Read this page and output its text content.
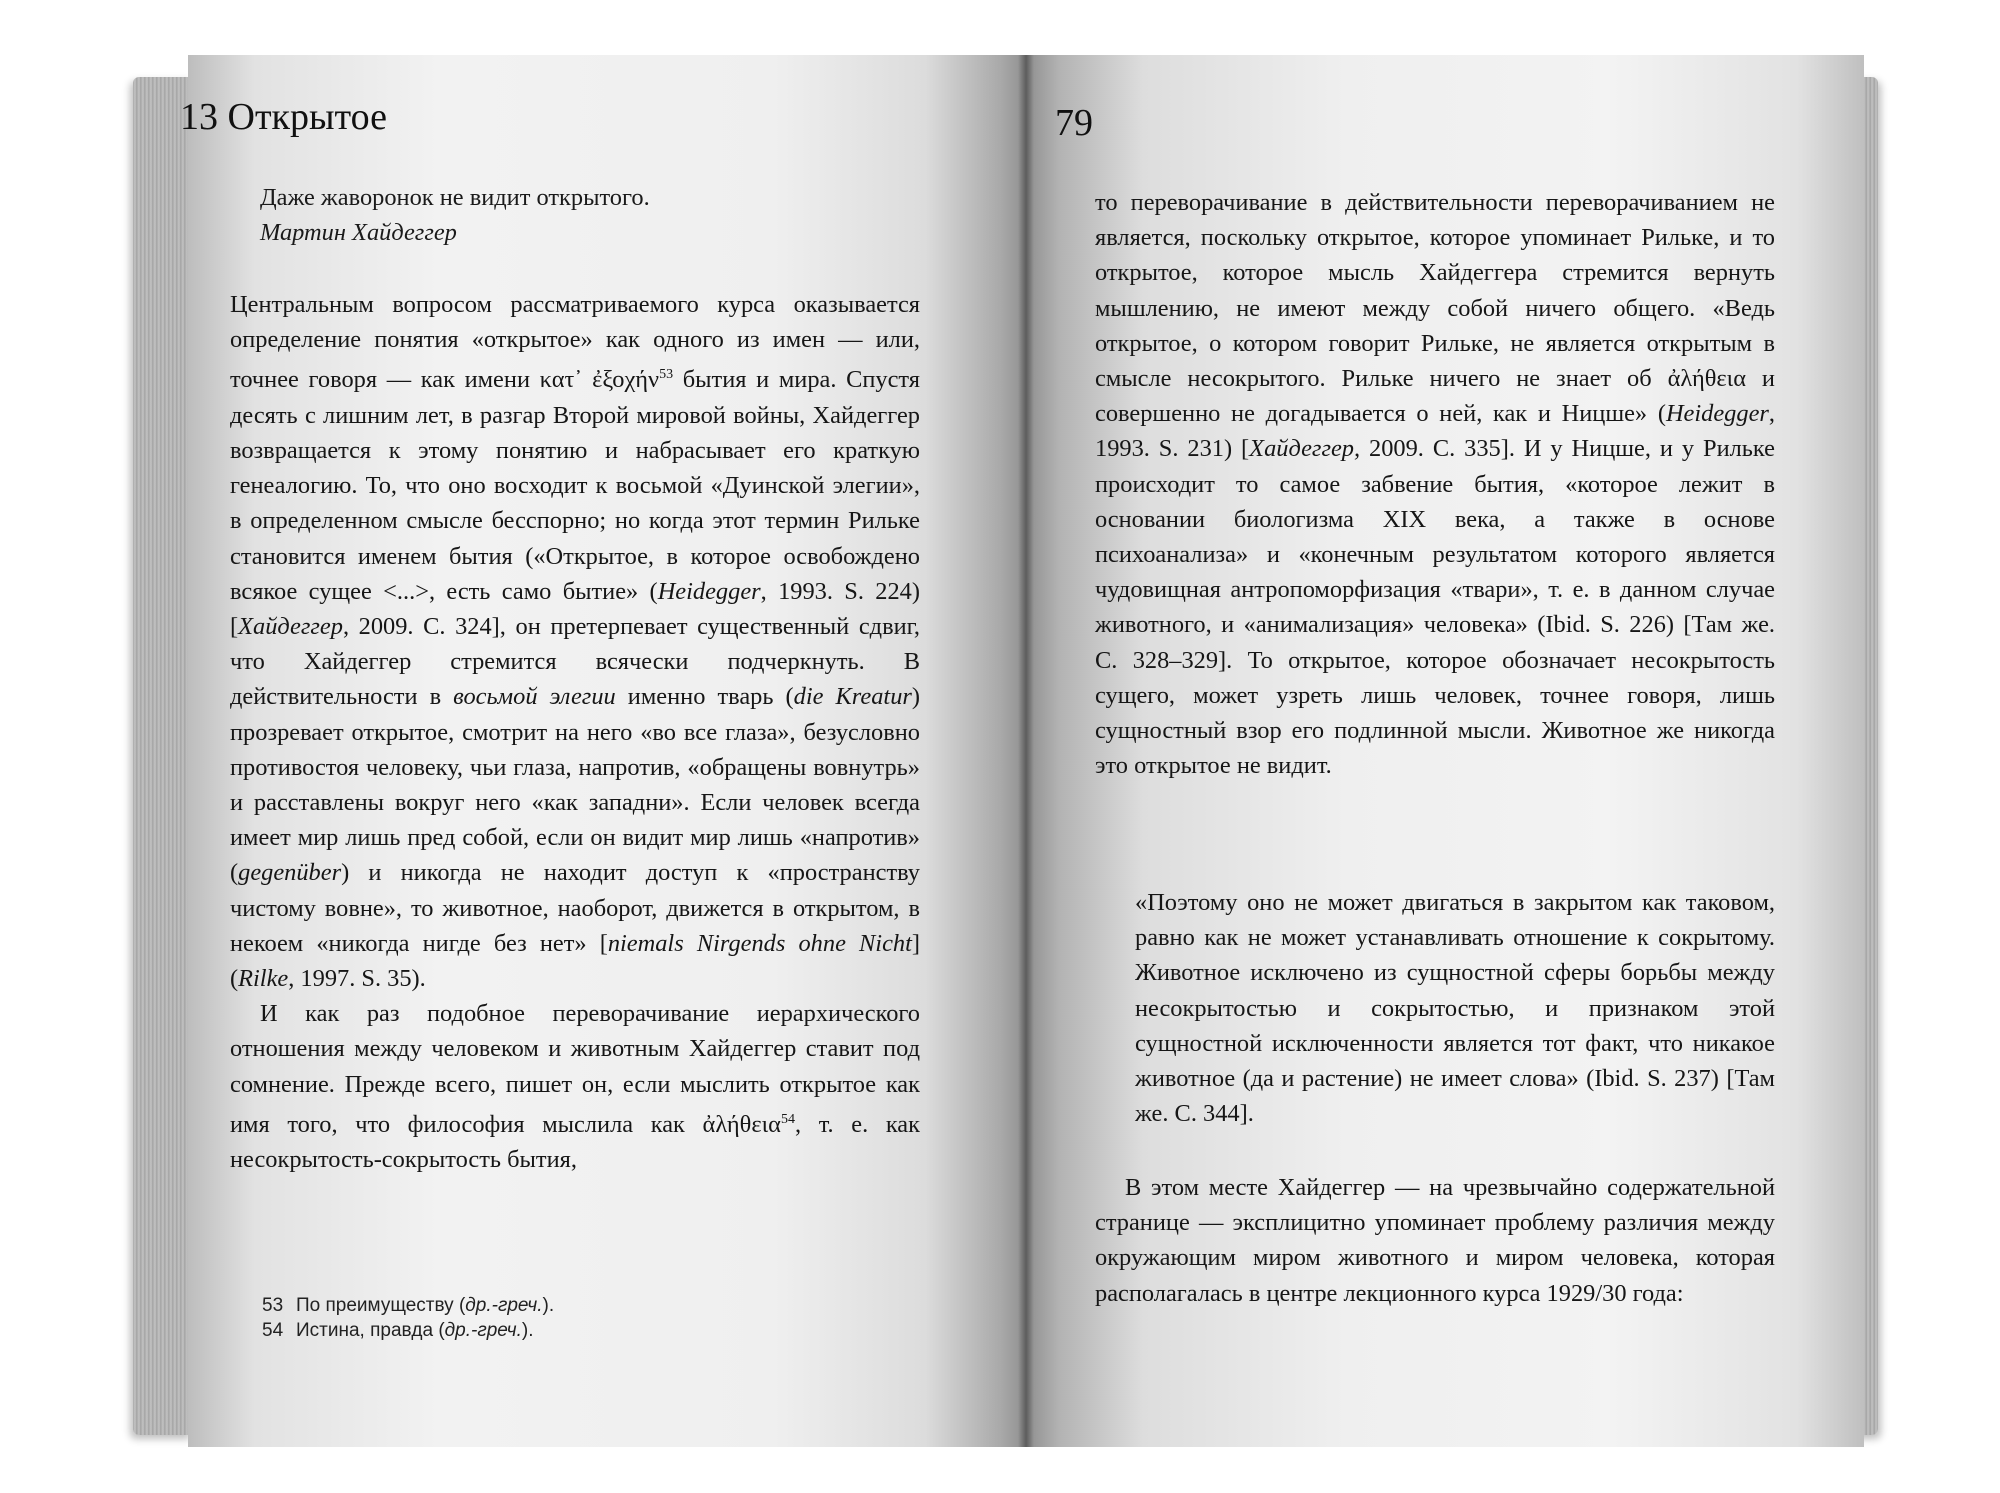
13 Открытое
Даже жаворонок не видит открытого.
Мартин Хайдеггер

Центральным вопросом рассматриваемого курса оказывается определение понятия «открытое» как одного из имен — или, точнее говоря — как имени κατ᾽ ἐξοχήν$^{53}$ бытия и мира. Спустя десять с лишним лет, в разгар Второй мировой войны, Хайдеггер возвращается к этому понятию и набрасывает его краткую генеалогию. То, что оно восходит к восьмой «Дуинской элегии», в определенном смысле бесспорно; но когда этот термин Рильке становится именем бытия («Открытое, в которое освобождено всякое сущее <...>, есть само бытие» (Heidegger, 1993. S. 224) [Хайдеггер, 2009. С. 324], он претерпевает существенный сдвиг, что Хайдеггер стремится всячески подчеркнуть. В действительности в восьмой элегии именно тварь (die Kreatur) прозревает открытое, смотрит на него «во все глаза», безусловно противостоя человеку, чьи глаза, напротив, «обращены вовнутрь» и расставлены вокруг него «как западни». Если человек всегда имеет мир лишь пред собой, если он видит мир лишь «напротив» (gegenüber) и никогда не находит доступ к «пространству чистому вовне», то животное, наоборот, движется в открытом, в некоем «никогда нигде без нет» [niemals Nirgends ohne Nicht] (Rilke, 1997. S. 35).

И как раз подобное переворачивание иерархического отношения между человеком и животным Хайдеггер ставит под сомнение. Прежде всего, пишет он, если мыслить открытое как имя того, что философия мыслила как ἀλήθεια$^{54}$, т. е. как несокрытость-сокрытость бытия,

53 По преимуществу (др.-греч.).
54 Истина, правда (др.-греч.).
79

то переворачивание в действительности переворачиванием не является, поскольку открытое, которое упоминает Рильке, и то открытое, которое мысль Хайдеггера стремится вернуть мышлению, не имеют между собой ничего общего. «Ведь открытое, о котором говорит Рильке, не является открытым в смысле несокрытого. Рильке ничего не знает об ἀλήθεια и совершенно не догадывается о ней, как и Ницше» (Heidegger, 1993. S. 231) [Хайдеггер, 2009. С. 335]. И у Ницше, и у Рильке происходит то самое забвение бытия, «которое лежит в основании биологизма XIX века, а также в основе психоанализа» и «конечным результатом которого является чудовищная антропоморфизация «твари», т. е. в данном случае животного, и «анимализация» человека» (Ibid. S. 226) [Там же. С. 328–329]. То открытое, которое обозначает несокрытость сущего, может узреть лишь человек, точнее говоря, лишь сущностный взор его подлинной мысли. Животное же никогда это открытое не видит.

«Поэтому оно не может двигаться в закрытом как таковом, равно как не может устанавливать отношение к сокрытому. Животное исключено из сущностной сферы борьбы между несокрытостью и сокрытостью, и признаком этой сущностной исключенности является тот факт, что никакое животное (да и растение) не имеет слова» (Ibid. S. 237) [Там же. С. 344].

В этом месте Хайдеггер — на чрезвычайно содержательной странице — эксплицитно упоминает проблему различия между окружающим миром животного и миром человека, которая располагалась в центре лекционного курса 1929/30 года:
